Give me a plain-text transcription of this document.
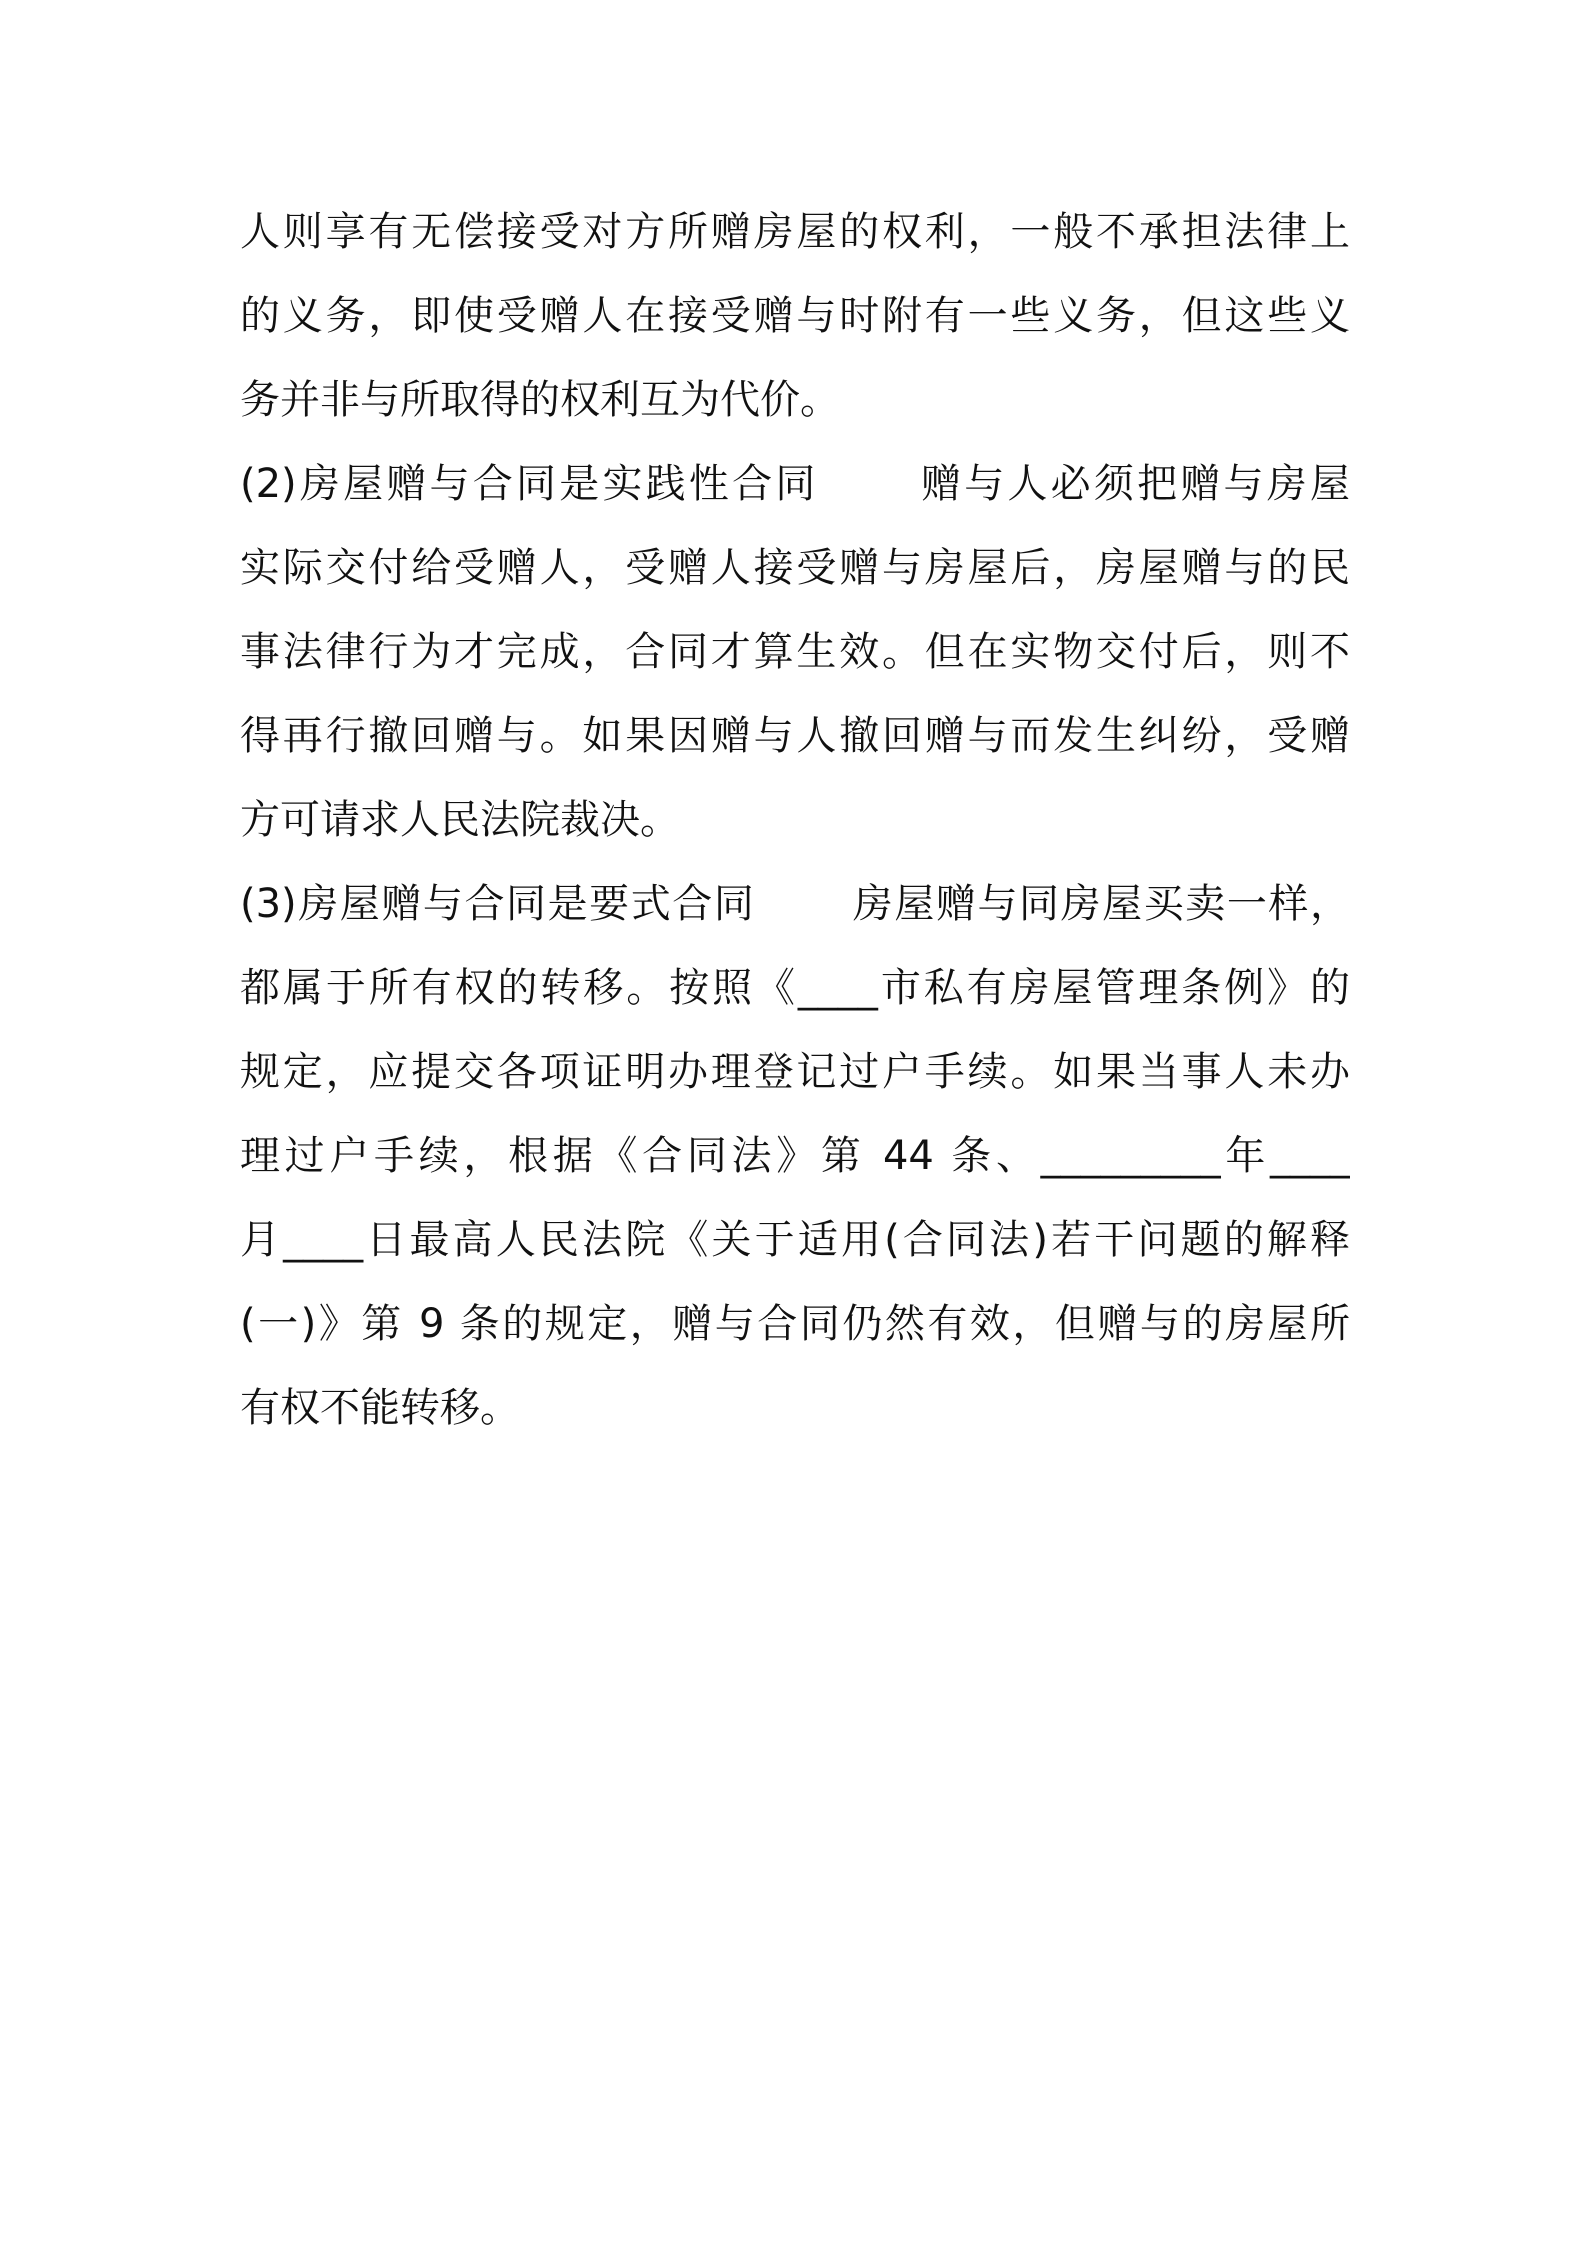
人则享有无偿接受对方所赠房屋的权利，一般不承担法律上
的义务，即使受赠人在接受赠与时附有一些义务，但这些义
务并非与所取得的权利互为代价。
(2)房屋赠与合同是实践性合同　　 赠与人必须把赠与房屋
实际交付给受赠人，受赠人接受赠与房屋后，房屋赠与的民
事法律行为才完成，合同才算生效。但在实物交付后，则不
得再行撤回赠与。如果因赠与人撤回赠与而发生纠纷，受赠
方可请求人民法院裁决。
(3)房屋赠与合同是要式合同　　 房屋赠与同房屋买卖一样，
都属于所有权的转移。按照《____市私有房屋管理条例》的
规定，应提交各项证明办理登记过户手续。如果当事人未办
理过户手续，根据《合同法》第 44 条、_________年____
月____日最高人民法院《关于适用(合同法)若干问题的解释
(一)》第 9 条的规定，赠与合同仍然有效，但赠与的房屋所
有权不能转移。
